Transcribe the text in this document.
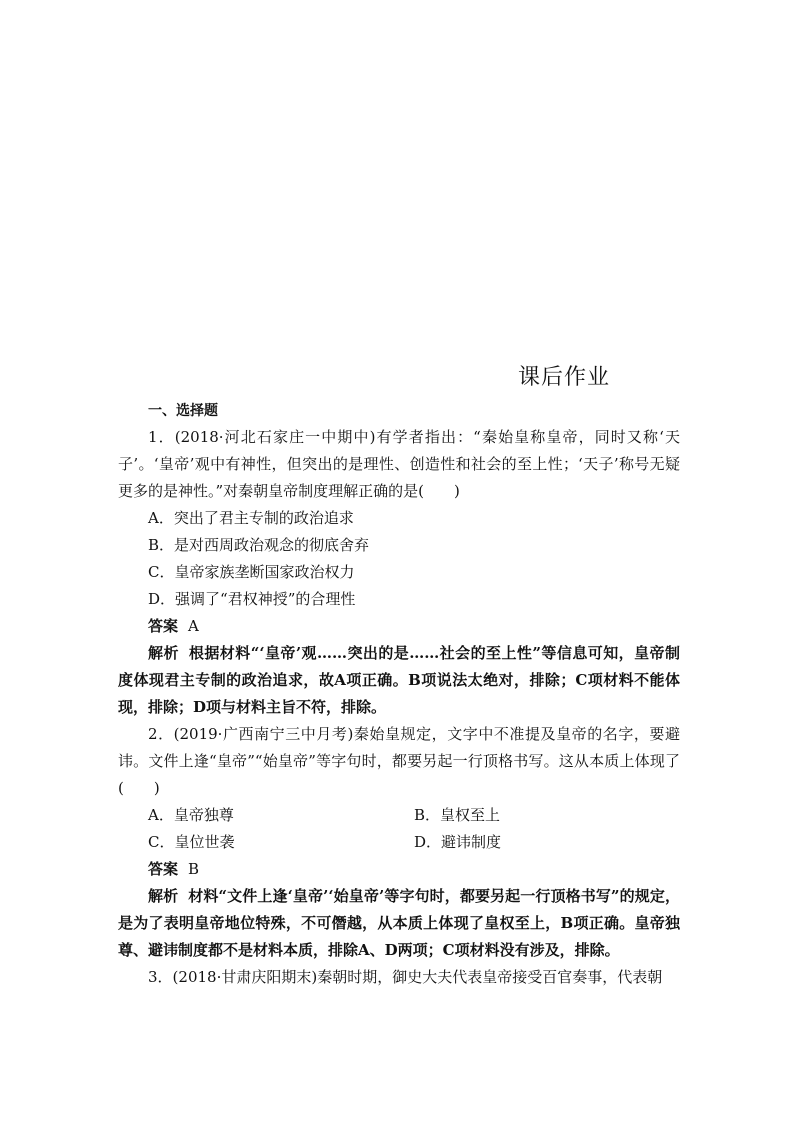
课后作业
一、选择题
1．(2018·河北石家庄一中期中)有学者指出：“秦始皇称皇帝，同时又称‘天子’。‘皇帝’观中有神性，但突出的是理性、创造性和社会的至上性；‘天子’称号无疑更多的是神性。”对秦朝皇帝制度理解正确的是(　　)
A．突出了君主专制的政治追求
B．是对西周政治观念的彻底舍弃
C．皇帝家族垄断国家政治权力
D．强调了“君权神授”的合理性
答案 A
解析 根据材料“‘皇帝’观……突出的是……社会的至上性”等信息可知，皇帝制度体现君主专制的政治追求，故A项正确。B项说法太绝对，排除；C项材料不能体现，排除；D项与材料主旨不符，排除。
2．(2019·广西南宁三中月考)秦始皇规定，文字中不准提及皇帝的名字，要避讳。文件上逢“皇帝”“始皇帝”等字句时，都要另起一行顶格书写。这从本质上体现了(　　)
A．皇帝独尊	B．皇权至上
C．皇位世袭	D．避讳制度
答案 B
解析 材料“文件上逢‘皇帝’‘始皇帝’等字句时，都要另起一行顶格书写”的规定，是为了表明皇帝地位特殊，不可僭越，从本质上体现了皇权至上，B项正确。皇帝独尊、避讳制度都不是材料本质，排除A、D两项；C项材料没有涉及，排除。
3．(2018·甘肃庆阳期末)秦朝时期，御史大夫代表皇帝接受百官奏事，代表朝
